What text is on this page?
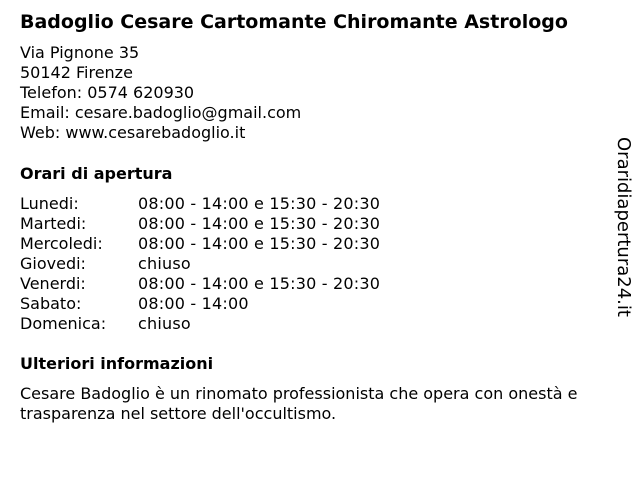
Badoglio Cesare Cartomante Chiromante Astrologo
Via Pignone 35
50142 Firenze
Telefon: 0574 620930
Email: cesare.badoglio@gmail.com
Web: www.cesarebadoglio.it
Orari di apertura
Lunedi:	08:00 - 14:00 e 15:30 - 20:30
Martedi:	08:00 - 14:00 e 15:30 - 20:30
Mercoledi: 08:00 - 14:00 e 15:30 - 20:30
Giovedi:	chiuso
Venerdi:	08:00 - 14:00 e 15:30 - 20:30
Sabato:	08:00 - 14:00
Domenica: chiuso
Ulteriori informazioni
Cesare Badoglio è un rinomato professionista che opera con onestà e trasparenza nel settore dell'occultismo.
Oraridiapertura24.it
